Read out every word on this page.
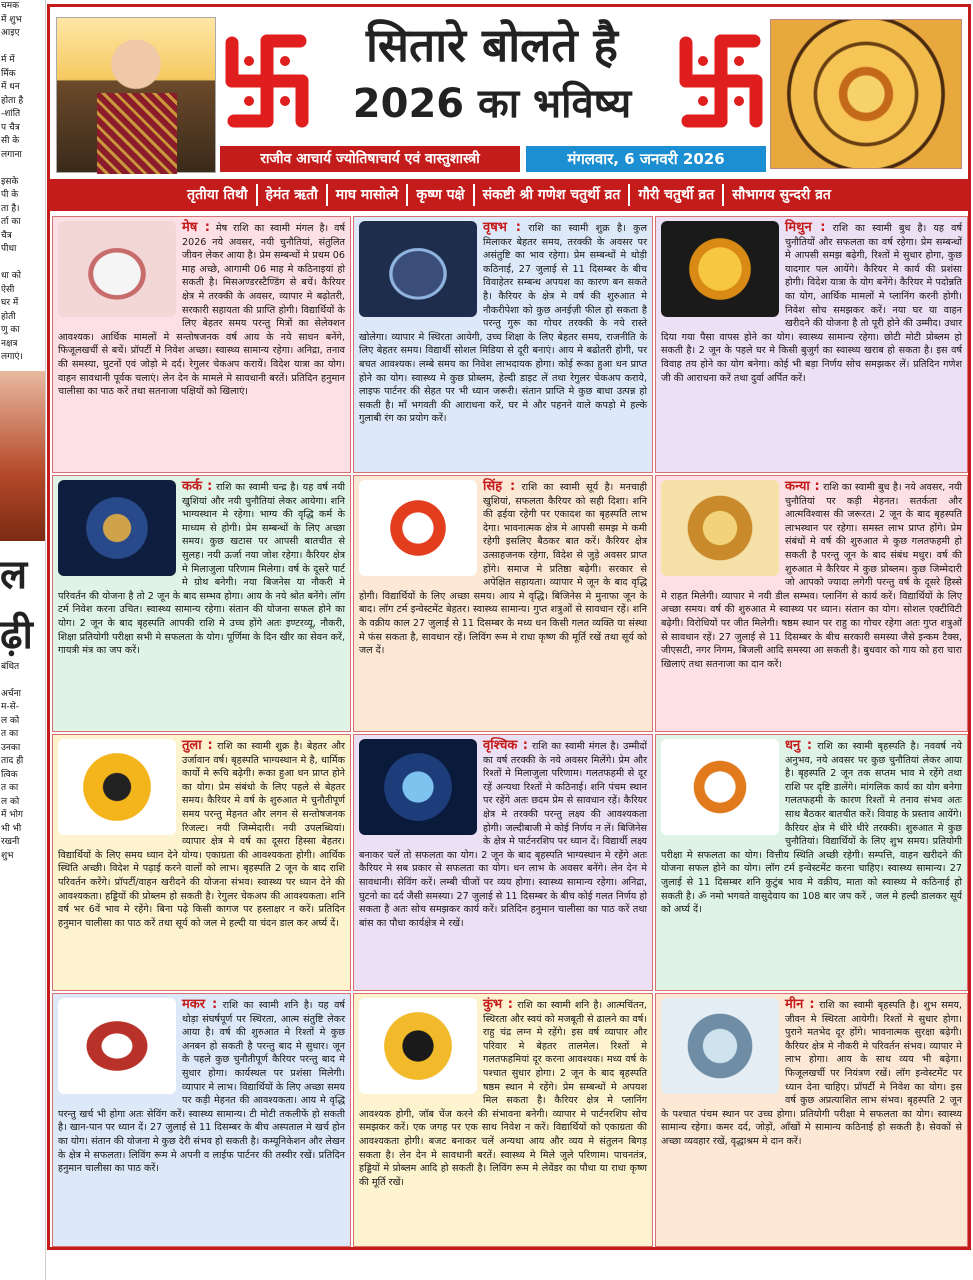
चमक
में शुभ
आइए

र्म में
र्मिक
में धन
होता है
-शांति
प चैत्र
सी के
लगाना

इसके
पी के
ता है।
र्ता का
चैत्र
पीधा

धा को
ऐसी
घर में
होती
णु का
नक्षत्र
लगाएं।
ल
ढ़ी
बंधित

अर्चना
म-से-
ल को
त का
उनका
ताद ही
त्विक
त का
ल को
में भोग
भी भी
रखनी
शुभ
सितारे बोलते है
2026 का भविष्य
राजीव आचार्य ज्योतिषाचार्य एवं वास्तुशास्त्री	मंगलवार, 6 जनवरी 2026
तृतीया तिथौ	हेमंत ऋतौ	माघ मासोत्मे	कृष्ण पक्षे	संकष्टी श्री गणेश चतुर्थी व्रत	गौरी चतुर्थी व्रत	सौभागय सुन्दरी व्रत
मेष : मेष राशि का स्वामी मंगल है। वर्ष 2026 नये अवसर, नयी चुनौतियां, संतुलित जीवन लेकर आया है। प्रेम सम्बन्धों मे प्रथम 06 माह अच्छे, आगामी 06 माह मे कठिनाइयां हो सकती है। मिसअण्डरस्टैण्डिंग से बचें। कैरियर क्षेत्र मे तरक्की के अवसर, व्यापार मे बढ़ोतरी, सरकारी सहायता की प्राप्ति होगी। विद्यार्थियों के लिए बेहतर समय परन्तु मित्रों का सेलेक्शन आवश्यक। आर्थिक मामलों मे सन्तोषजनक वर्ष आय के नये साधन बनेंगे, फिजूलखर्ची से बचें। प्रॉपर्टी मे निवेश अच्छा। स्वास्थ्य सामान्य रहेगा। अनिद्रा, तनाव की समस्या, घुटनों एवं जोड़ो मे दर्द। रेगुलर चेकअप करायें। विदेश यात्रा का योग। वाहन सावधानी पूर्वक चलाएं। लेन देन के मामले मे सावधानी बरतें। प्रतिदिन हनुमान चालीसा का पाठ करें तथा सतनाजा पक्षियों को खिलाएं।
वृषभ : राशि का स्वामी शुक्र है। कुल मिलाकर बेहतर समय, तरक्की के अवसर पर असंतुष्टि का भाव रहेगा। प्रेम सम्बन्धों मे थोड़ी कठिनाई, 27 जुलाई से 11 दिसम्बर के बीच विवाहेतर सम्बन्ध अपयश का कारण बन सकते है। कैरियर के क्षेत्र मे वर्ष की शुरुआत मे नौकरीपेशा को कुछ अनईज़ी फील हो सकता है परन्तु गुरू का गोचर तरक्की के नये रास्ते खोलेगा। व्यापार मे स्थिरता आयेगी, उच्च शिक्षा के लिए बेहतर समय, राजनीति के लिए बेहतर समय। विद्यार्थी सोशल मिडिया से दूरी बनाएं। आय मे बढोतरी होगी, पर बचत आवश्यक। लम्बे समय का निवेश लाभदायक होगा। कोई रूका हुआ धन प्राप्त होने का योग। स्वास्थ्य मे कुछ प्रोब्लम, हेल्दी डाइट लें तथा रेगुलर चेकअप कराये, लाइफ पार्टनर की सेहत पर भी ध्यान जरूरी। संतान प्राप्ति मे कुछ बाधा उत्पन्न हो सकती है। माँ भगवती की आराधना करें, घर मे और पहनने वाले कपड़ो मे हल्के गुलाबी रंग का प्रयोग करें।
मिथुन : राशि का स्वामी बुध है। यह वर्ष चुनौतियों और सफलता का वर्ष रहेगा। प्रेम सम्बन्धों मे आपसी समझ बढ़ेगी, रिश्तों मे सुधार होगा, कुछ यादगार पल आयेंगे। कैरियर मे कार्य की प्रशंसा होगी। विदेश यात्रा के योग बनेंगे। कैरियर मे पदोन्नति का योग, आर्थिक मामलों मे प्लानिंग करनी होगी। निवेश सोच समझकर करें। नया घर या वाहन खरीदने की योजना है तो पूरी होने की उम्मीद। उधार दिया गया पैसा वापस होने का योग। स्वास्थ्य सामान्य रहेगा। छोटी मोटी प्रोब्लम हो सकती है। 2 जून के पहले घर मे किसी बुजुर्ग का स्वास्थ्य खराब हो सकता है। इस वर्ष विवाह तय होने का योग बनेगा। कोई भी बड़ा निर्णय सोच समझकर लें। प्रतिदिन गणेश जी की आराधना करें तथा दुर्वा अर्पित करें।
कर्क : राशि का स्वामी चन्द्र है। यह वर्ष नयी खुशियां और नयी चुनौतियां लेकर आयेगा। शनि भाग्यस्थान मे रहेगा। भाग्य की वृद्धि कर्म के माध्यम से होगी। प्रेम सम्बन्धों के लिए अच्छा समय। कुछ खटास पर आपसी बातचीत से सुलह। नयी ऊर्जा नया जोश रहेगा। कैरियर क्षेत्र मे मिलाजुला परिणाम मिलेगा। वर्ष के दूसरे पार्ट मे ग्रोथ बनेगी। नया बिजनेस या नौकरी मे परिवर्तन की योजना है तो 2 जून के बाद सम्भव होगा। आय के नये श्रोत बनेंगे। लॉग टर्म निवेश करना उचित। स्वास्थ्य सामान्य रहेगा। संतान की योजना सफल होने का योग। 2 जून के बाद बृहस्पति आपकी राशि मे उच्च होंगे अतः इण्टरव्यू, नौकरी, शिक्षा प्रतियोगी परीक्षा सभी मे सफलता के योग। पूर्णिमा के दिन खीर का सेवन करें, गायत्री मंत्र का जप करें।
सिंह : राशि का स्वामी सूर्य है। मनचाही खुशियां, सफलता कैरियर को सही दिशा। शनि की ढ़ईया रहेगी पर एकादश का बृहस्पति लाभ देगा। भावनात्मक क्षेत्र मे आपसी समझ मे कमी रहेगी इसलिए बैठकर बात करें। कैरियर क्षेत्र उत्साहजनक रहेगा, विदेश से जुड़े अवसर प्राप्त होंगे। समाज मे प्रतिष्ठा बढ़ेगी। सरकार से अपेक्षित सहायता। व्यापार मे जून के बाद वृद्धि होगी। विद्यार्थियों के लिए अच्छा समय। आय मे वृद्धि। बिजिनेस मे मुनाफा जून के बाद। लॉग टर्म इन्वेस्टमेंट बेहतर। स्वास्थ्य सामान्य। गुप्त शत्रुओं से सावधान रहें। शनि के वक्रीय काल 27 जुलाई से 11 दिसम्बर के मध्य धन किसी गलत व्यक्ति या संस्था मे फंस सकता है, सावधान रहें। लिविंग रूम मे राधा कृष्ण की मूर्ति रखें तथा सूर्य को जल दें।
कन्या : राशि का स्वामी बुध है। नये अवसर, नयी चुनौतियां पर कड़ी मेहनत। सतर्कता और आत्मविश्वास की जरूरत। 2 जून के बाद बृहस्पति लाभस्थान पर रहेगा। समस्त लाभ प्राप्त होंगे। प्रेम संबंधों मे वर्ष की शुरुआत मे कुछ गलतफहमी हो सकती है परन्तु जून के बाद संबंध मधुर। वर्ष की शुरुआत मे कैरियर मे कुछ प्रोब्लम। कुछ जिम्मेदारी जो आपको ज्यादा लगेगी परन्तु वर्ष के दूसरे हिस्से मे राहत मिलेगी। व्यापार मे नयी डील सम्भव। प्लानिंग से कार्य करें। विद्यार्थियों के लिए अच्छा समय। वर्ष की शुरुआत मे स्वास्थ्य पर ध्यान। संतान का योग। सोशल एक्टीविटी बढ़ेगी। विरोधियों पर जीत मिलेगी। षष्ठम स्थान पर राहु का गोचर रहेगा अतः गुप्त शत्रुओं से सावधान रहें। 27 जुलाई से 11 दिसम्बर के बीच सरकारी समस्या जैसे इन्कम टैक्स, जीएसटी, नगर निगम, बिजली आदि समस्या आ सकती है। बुधवार को गाय को हरा चारा खिलाएं तथा सतनाजा का दान करें।
तुला : राशि का स्वामी शुक्र है। बेहतर और उर्जावान वर्ष। बृहस्पति भाग्यस्थान मे है, धार्मिक कार्यो मे रूचि बढ़ेगी। रूका हुआ धन प्राप्त होने का योग। प्रेम संबंधो के लिए पहले से बेहतर समय। कैरियर मे वर्ष के शुरुआत मे चुनौतीपूर्ण समय परन्तु मेहनत और लगन से सन्तोषजनक रिजल्ट। नयी जिम्मेदारी। नयी उपलब्धियां। व्यापार क्षेत्र मे वर्ष का दूसरा हिस्सा बेहतर। विद्यार्थियों के लिए समय ध्यान देने योग्य। एकाग्रता की आवश्यकता होगी। आर्थिक स्थिति अच्छी। विदेश मे पढ़ाई करने वालों को लाभ। बृहस्पति 2 जून के बाद राशि परिवर्तन करेंगे। प्रॉपर्टी/वाहन खरीदने की योजना संभव। स्वास्थ्य पर ध्यान देने की आवश्यकता। हड्डियों की प्रोब्लम हो सकती है। रेगुलर चेकअप की आवश्यकता। शनि वर्ष भर 6वें भाव मे रहेंगे। बिना पढ़े किसी कागज पर हस्ताक्षर न करें। प्रतिदिन हनुमान चालीसा का पाठ करें तथा सूर्य को जल मे हल्दी या चंदन डाल कर अर्घ्य दें।
वृश्चिक : राशि का स्वामी मंगल है। उम्मीदों का वर्ष तरक्की के नये अवसर मिलेंगे। प्रेम और रिश्तों मे मिलाजुला परिणाम। गलतफहमी से दूर रहें अन्यथा रिश्तों मे कठिनाई। शनि पंचम स्थान पर रहेंगे अतः छदम प्रेम से सावधान रहें। कैरियर क्षेत्र मे तरक्की परन्तु लक्ष्य की आवश्यकता होगी। जल्दीबाजी मे कोई निर्णय न लें। बिजिनेस के क्षेत्र मे पार्टनरशिप पर ध्यान दें। विद्यार्थी लक्ष्य बनाकर चलें तो सफलता का योग। 2 जून के बाद बृहस्पति भाग्यस्थान मे रहेंगे अतः कैरियर मे सब प्रकार से सफलता का योग। धन लाभ के अवसर बनेंगे। लेन देन मे सावधानी। सेविंग करें। लम्बी चीजों पर व्यय होगा। स्वास्थ्य सामान्य रहेगा। अनिद्रा, घुटनो का दर्द जैसी समस्या। 27 जुलाई से 11 दिसम्बर के बीच कोई गलत निर्णय हो सकता है अतः सोच समझकर कार्य करें। प्रतिदिन हनुमान चालीसा का पाठ करें तथा बांस का पौधा कार्यक्षेत्र मे रखें।
धनु : राशि का स्वामी बृहस्पति है। नववर्ष नये अनुभव, नये अवसर पर कुछ चुनौतियां लेकर आया है। बृहस्पति 2 जून तक सप्तम भाव मे रहेंगे तथा राशि पर दृष्टि डालेंगे। मांगलिक कार्य का योग बनेगा गलतफहमी के कारण रिश्तों मे तनाव संभव अतः साथ बैठकर बातचीत करें। विवाह के प्रस्ताव आयेंगे। कैरियर क्षेत्र मे धीरे धीरे तरक्की। शुरुआत मे कुछ चुनौतियां। विद्यार्थियों के लिए शुभ समय। प्रतियोगी परीक्षा मे सफलता का योग। वित्तीय स्थिति अच्छी रहेगी। सम्पत्ति, वाहन खरीदने की योजना सफल होने का योग। लॉग टर्म इन्वेस्टमेंट करना चाहिए। स्वास्थ्य सामान्य। 27 जुलाई से 11 दिसम्बर शनि कुटुंब भाव मे वक्रीय, माता को स्वास्थ्य मे कठिनाई हो सकती है। ॐ नमो भगवते वासुदेवाय का 108 बार जप करें , जल मे हल्दी डालकर सूर्य को अर्घ्य दें।
मकर : राशि का स्वामी शनि है। यह वर्ष थोड़ा संघर्षपूर्ण पर स्थिरता, आत्म संतुष्टि लेकर आया है। वर्ष की शुरुआत मे रिश्तों मे कुछ अनबन हो सकती है परन्तु बाद मे सुधार। जून के पहले कुछ चुनौतीपूर्ण कैरियर परन्तु बाद मे सुधार होगा। कार्यस्थल पर प्रशंसा मिलेगी। व्यापार मे लाभ। विद्यार्थियों के लिए अच्छा समय पर कड़ी मेहनत की आवश्यकता। आय मे वृद्धि परन्तु खर्च भी होगा अतः सेविंग करें। स्वास्थ्य सामान्य। टी मोटी तकलीफें हो सकती है। खान-पान पर ध्यान दें। 27 जुलाई से 11 दिसम्बर के बीच अस्पताल मे खर्च होन का योग। संतान की योजना मे कुछ देरी संभव हो सकती है। कम्यूनिकेशन और लेखन के क्षेत्र मे सफलता। लिविंग रूम मे अपनी व लाईफ पार्टनर की तस्वीर रखें। प्रतिदिन हनुमान चालीसा का पाठ करें।
कुंभ : राशि का स्वामी शनि है। आत्मचिंतन, स्थिरता और स्वयं को मजबूती से ढालने का वर्ष। राहु चंद्र लग्न मे रहेंगे। इस वर्ष व्यापार और परिवार मे बेहतर तालमेल। रिश्तों मे गलतफहमियां दूर करना आवश्यक। मध्य वर्ष के पश्चात सुधार होगा। 2 जून के बाद बृहस्पति षष्ठम स्थान मे रहेंगे। प्रेम सम्बन्धों मे अपयश मिल सकता है। कैरियर क्षेत्र मे प्लानिंग आवश्यक होगी, जॉब चेंज करने की संभावना बनेगी। व्यापार मे पार्टनरशिप सोच समझकर करें। एक जगह पर एक साथ निवेश न करें। विद्यार्थियों को एकाग्रता की आवश्यकता होगी। बजट बनाकर चलें अन्यथा आय और व्यय मे संतुलन बिगड़ सकता है। लेन देन मे सावधानी बरतें। स्वास्थ्य मे मिले जुले परिणाम। पाचनतंत्र, हड्डियों मे प्रोब्लम आदि हो सकती है। लिविंग रूम मे लेवेंडर का पौधा या राधा कृष्ण की मूर्ति रखें।
मीन : राशि का स्वामी बृहस्पति है। शुभ समय, जीवन मे स्थिरता आयेगी। रिश्तों मे सुधार होगा। पुराने मतभेद दूर होंगे। भावनात्मक सुरक्षा बढ़ेगी। कैरियर क्षेत्र मे नौकरी मे परिवर्तन संभव। व्यापार मे लाभ होगा। आय के साथ व्यय भी बढ़ेगा। फिजूलखर्ची पर नियंत्रण रखें। लॉग इन्वेस्टमेंट पर ध्यान देना चाहिए। प्रॉपर्टी मे निवेश का योग। इस वर्ष कुछ अप्रत्याशित लाभ संभव। बृहस्पति 2 जून के पश्चात पंचम स्थान पर उच्च होगा। प्रतियोगी परीक्षा मे सफलता का योग। स्वास्थ्य सामान्य रहेगा। कमर दर्द, जोड़ों, आँखों मे सामान्य कठिनाई हो सकती है। सेवकों से अच्छा व्यवहार रखें, वृद्धाश्रम मे दान करें।
